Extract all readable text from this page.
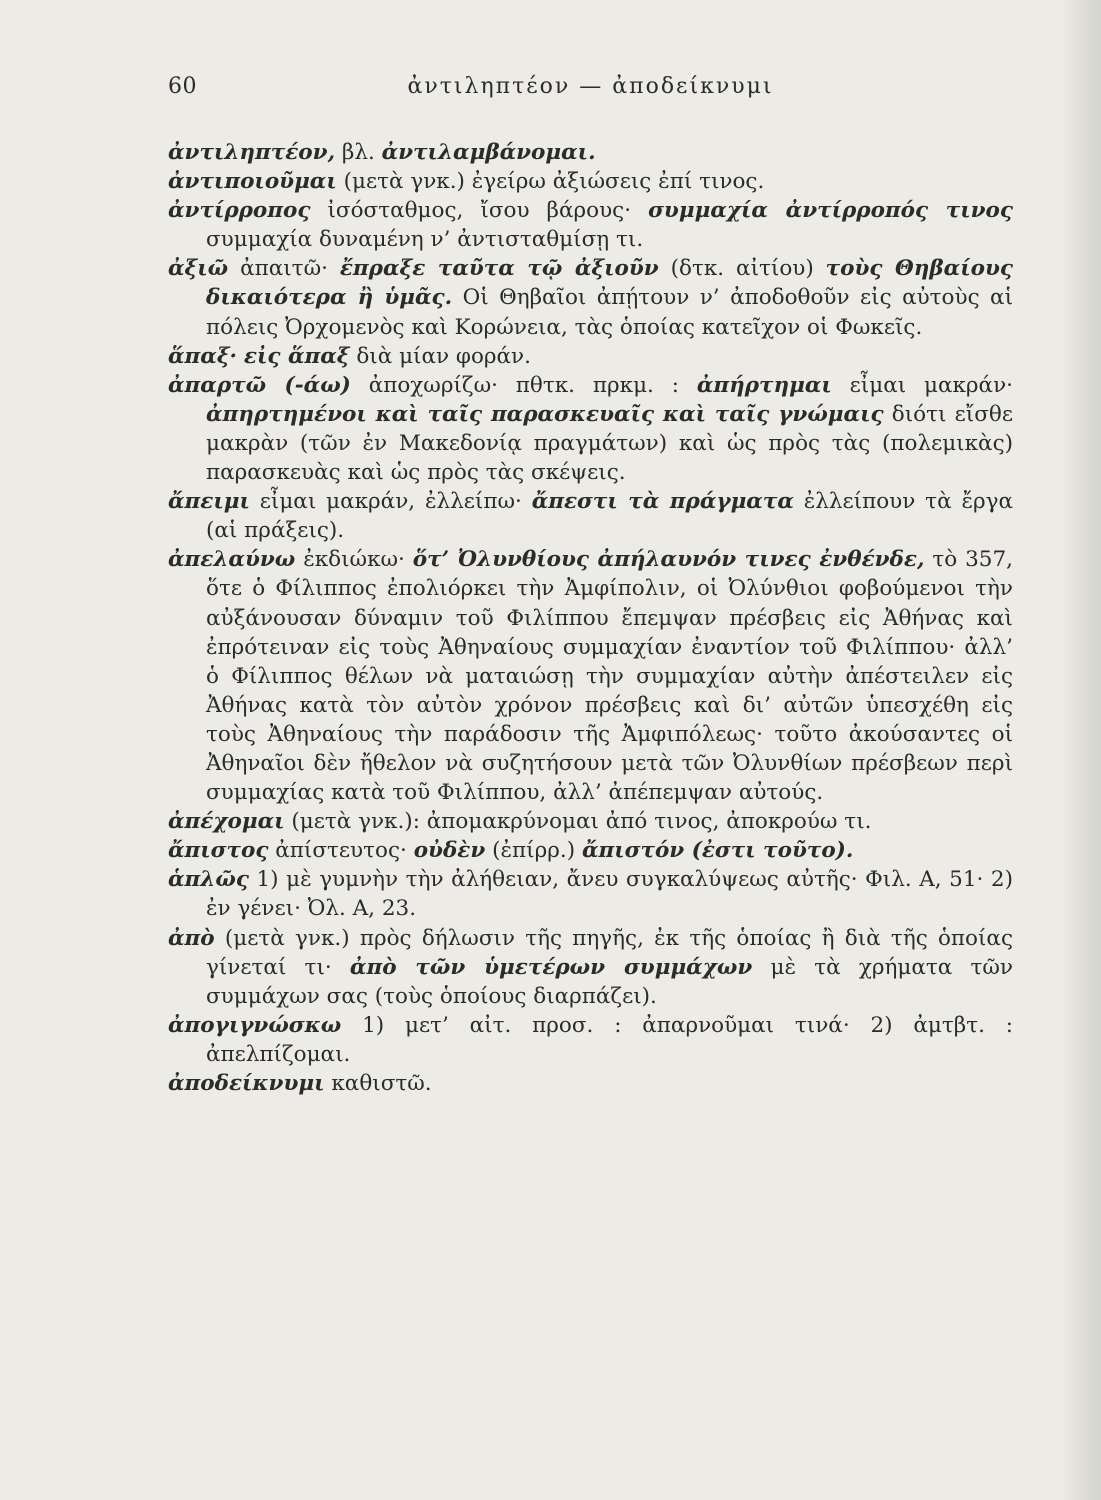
60	ἀντιληπτέον — ἀποδείκνυμι

ἀντιληπτέον, βλ. ἀντιλαμβάνομαι.

ἀντιποιοῦμαι (μετὰ γνκ.) ἐγείρω ἀξιώσεις ἐπί τινος.

ἀντίρροπος ἰσόσταθμος, ἴσου βάρους· συμμαχία ἀντίρροπός τινος συμμαχία δυναμένη ν’ ἀντισταθμίσῃ τι.

ἀξιῶ ἀπαιτῶ· ἔπραξε ταῦτα τῷ ἀξιοῦν (δτκ. αἰτίου) τοὺς Θηβαίους δικαιότερα ἢ ὑμᾶς. Οἱ Θηβαῖοι ἀπῄτουν ν’ ἀποδοθοῦν εἰς αὐτοὺς αἱ πόλεις Ὀρχομενὸς καὶ Κορώνεια, τὰς ὁποίας κατεῖχον οἱ Φωκεῖς.

ἅπαξ· εἰς ἅπαξ διὰ μίαν φοράν.

ἀπαρτῶ (-άω) ἀποχωρίζω· πθτκ. πρκμ. : ἀπήρτημαι εἶμαι μακράν· ἀπηρτημένοι καὶ ταῖς παρασκευαῖς καὶ ταῖς γνώμαις διότι εἴσθε μακρὰν (τῶν ἐν Μακεδονίᾳ πραγμάτων) καὶ ὡς πρὸς τὰς (πολεμικὰς) παρασκευὰς καὶ ὡς πρὸς τὰς σκέψεις.

ἄπειμι εἶμαι μακράν, ἐλλείπω· ἄπεστι τὰ πράγματα ἐλλείπουν τὰ ἔργα (αἱ πράξεις).

ἀπελαύνω ἐκδιώκω· ὅτ’ Ὀλυνθίους ἀπήλαυνόν τινες ἐνθένδε, τὸ 357, ὅτε ὁ Φίλιππος ἐπολιόρκει τὴν Ἀμφίπολιν, οἱ Ὀλύνθιοι φοβούμενοι τὴν αὐξάνουσαν δύναμιν τοῦ Φιλίππου ἔπεμψαν πρέσβεις εἰς Ἀθήνας καὶ ἐπρότειναν εἰς τοὺς Ἀθηναίους συμμαχίαν ἐναντίον τοῦ Φιλίππου· ἀλλ’ ὁ Φίλιππος θέλων νὰ ματαιώσῃ τὴν συμμαχίαν αὐτὴν ἀπέστειλεν εἰς Ἀθήνας κατὰ τὸν αὐτὸν χρόνον πρέσβεις καὶ δι’ αὐτῶν ὑπεσχέθη εἰς τοὺς Ἀθηναίους τὴν παράδοσιν τῆς Ἀμφιπόλεως· τοῦτο ἀκούσαντες οἱ Ἀθηναῖοι δὲν ἤθελον νὰ συζητήσουν μετὰ τῶν Ὀλυνθίων πρέσβεων περὶ συμμαχίας κατὰ τοῦ Φιλίππου, ἀλλ’ ἀπέπεμψαν αὐτούς.

ἀπέχομαι (μετὰ γνκ.): ἀπομακρύνομαι ἀπό τινος, ἀποκρούω τι.

ἄπιστος ἀπίστευτος· οὐδὲν (ἐπίρρ.) ἄπιστόν (ἐστι τοῦτο).

ἁπλῶς 1) μὲ γυμνὴν τὴν ἀλήθειαν, ἄνευ συγκαλύψεως αὐτῆς· Φιλ. Α, 51· 2) ἐν γένει· Ὀλ. Α, 23.

ἀπὸ (μετὰ γνκ.) πρὸς δήλωσιν τῆς πηγῆς, ἐκ τῆς ὁποίας ἢ διὰ τῆς ὁποίας γίνεταί τι· ἀπὸ τῶν ὑμετέρων συμμάχων μὲ τὰ χρήματα τῶν συμμάχων σας (τοὺς ὁποίους διαρπάζει).

ἀπογιγνώσκω 1) μετ’ αἰτ. προσ. : ἀπαρνοῦμαι τινά· 2) ἀμτβτ. : ἀπελπίζομαι.

ἀποδείκνυμι καθιστῶ.
